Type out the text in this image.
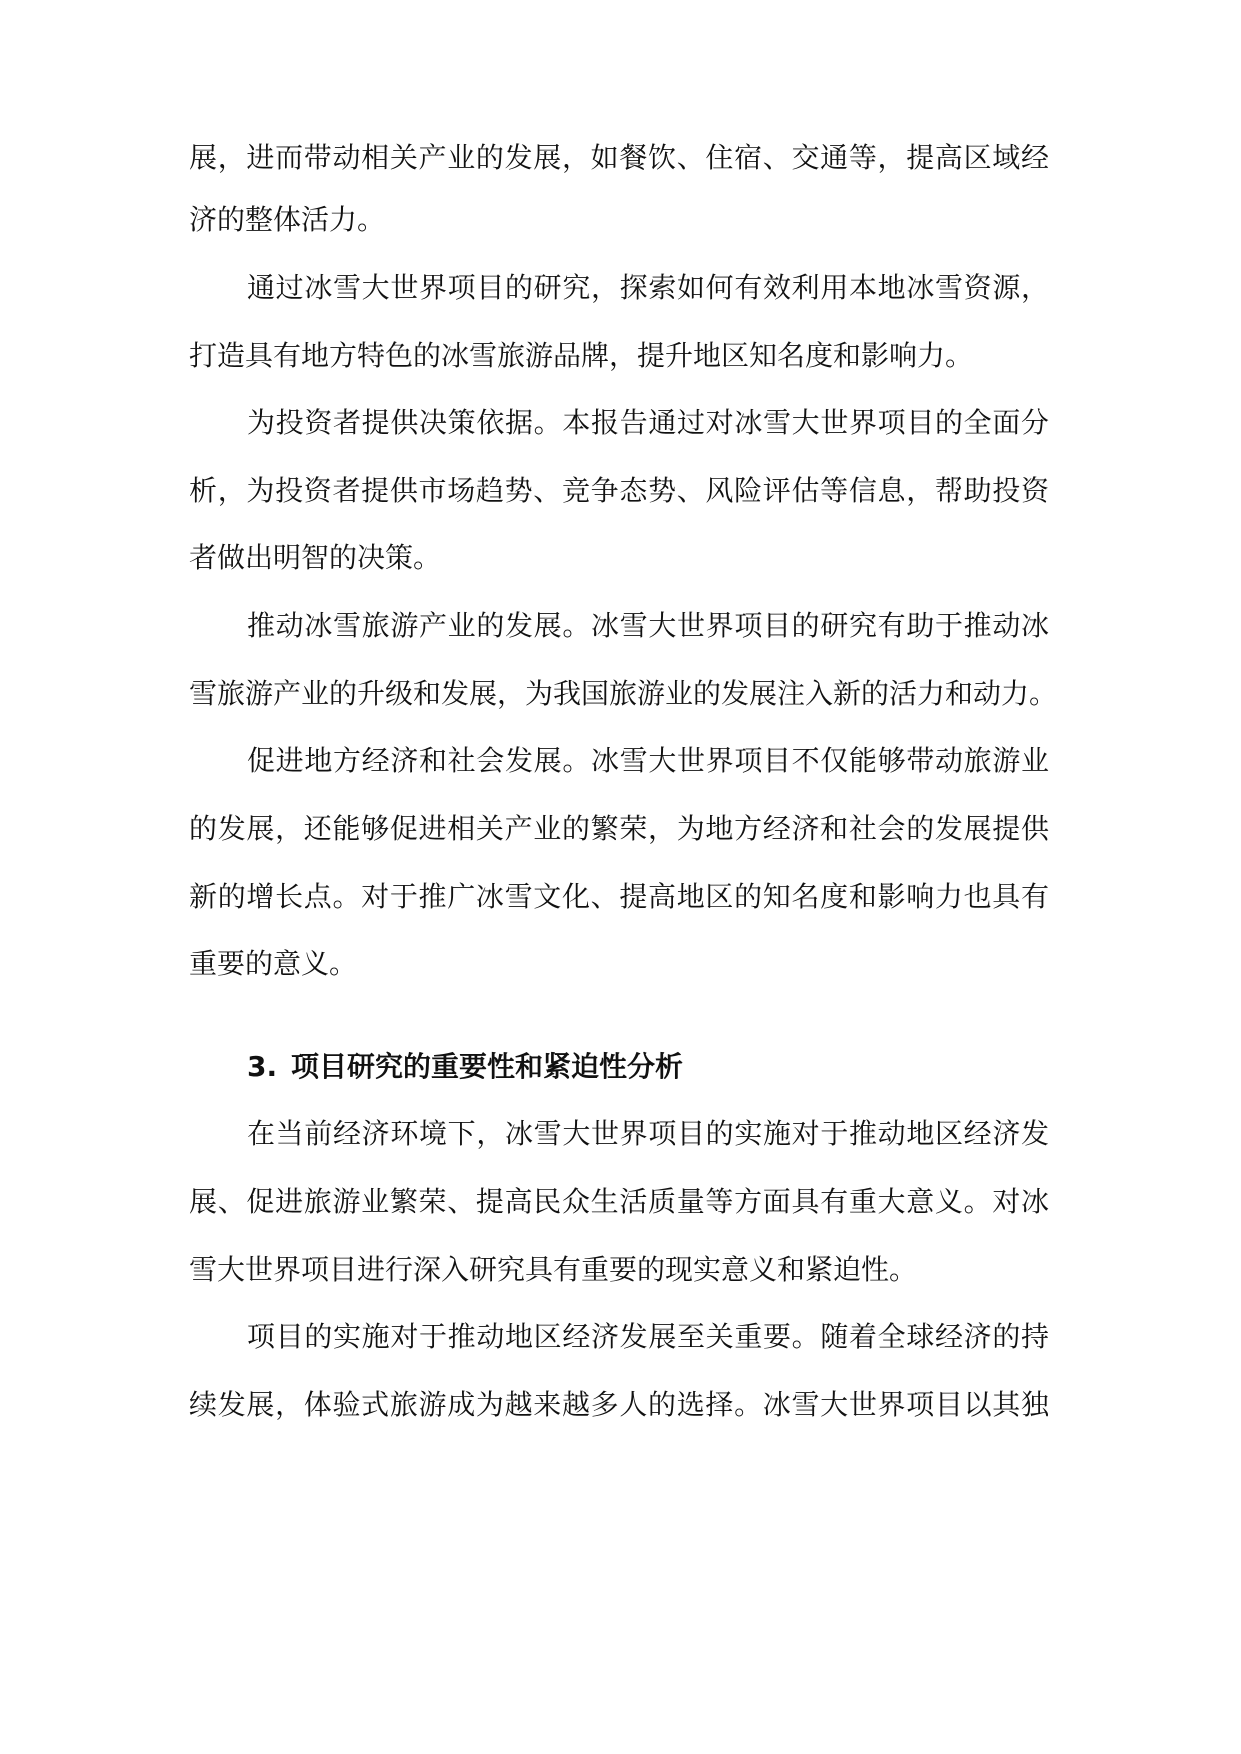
展，进而带动相关产业的发展，如餐饮、住宿、交通等，提高区域经
济的整体活力。
通过冰雪大世界项目的研究，探索如何有效利用本地冰雪资源，
打造具有地方特色的冰雪旅游品牌，提升地区知名度和影响力。
为投资者提供决策依据。本报告通过对冰雪大世界项目的全面分
析，为投资者提供市场趋势、竞争态势、风险评估等信息，帮助投资
者做出明智的决策。
推动冰雪旅游产业的发展。冰雪大世界项目的研究有助于推动冰
雪旅游产业的升级和发展，为我国旅游业的发展注入新的活力和动力。
促进地方经济和社会发展。冰雪大世界项目不仅能够带动旅游业
的发展，还能够促进相关产业的繁荣，为地方经济和社会的发展提供
新的增长点。对于推广冰雪文化、提高地区的知名度和影响力也具有
重要的意义。
3. 项目研究的重要性和紧迫性分析
在当前经济环境下，冰雪大世界项目的实施对于推动地区经济发
展、促进旅游业繁荣、提高民众生活质量等方面具有重大意义。对冰
雪大世界项目进行深入研究具有重要的现实意义和紧迫性。
项目的实施对于推动地区经济发展至关重要。随着全球经济的持
续发展，体验式旅游成为越来越多人的选择。冰雪大世界项目以其独
